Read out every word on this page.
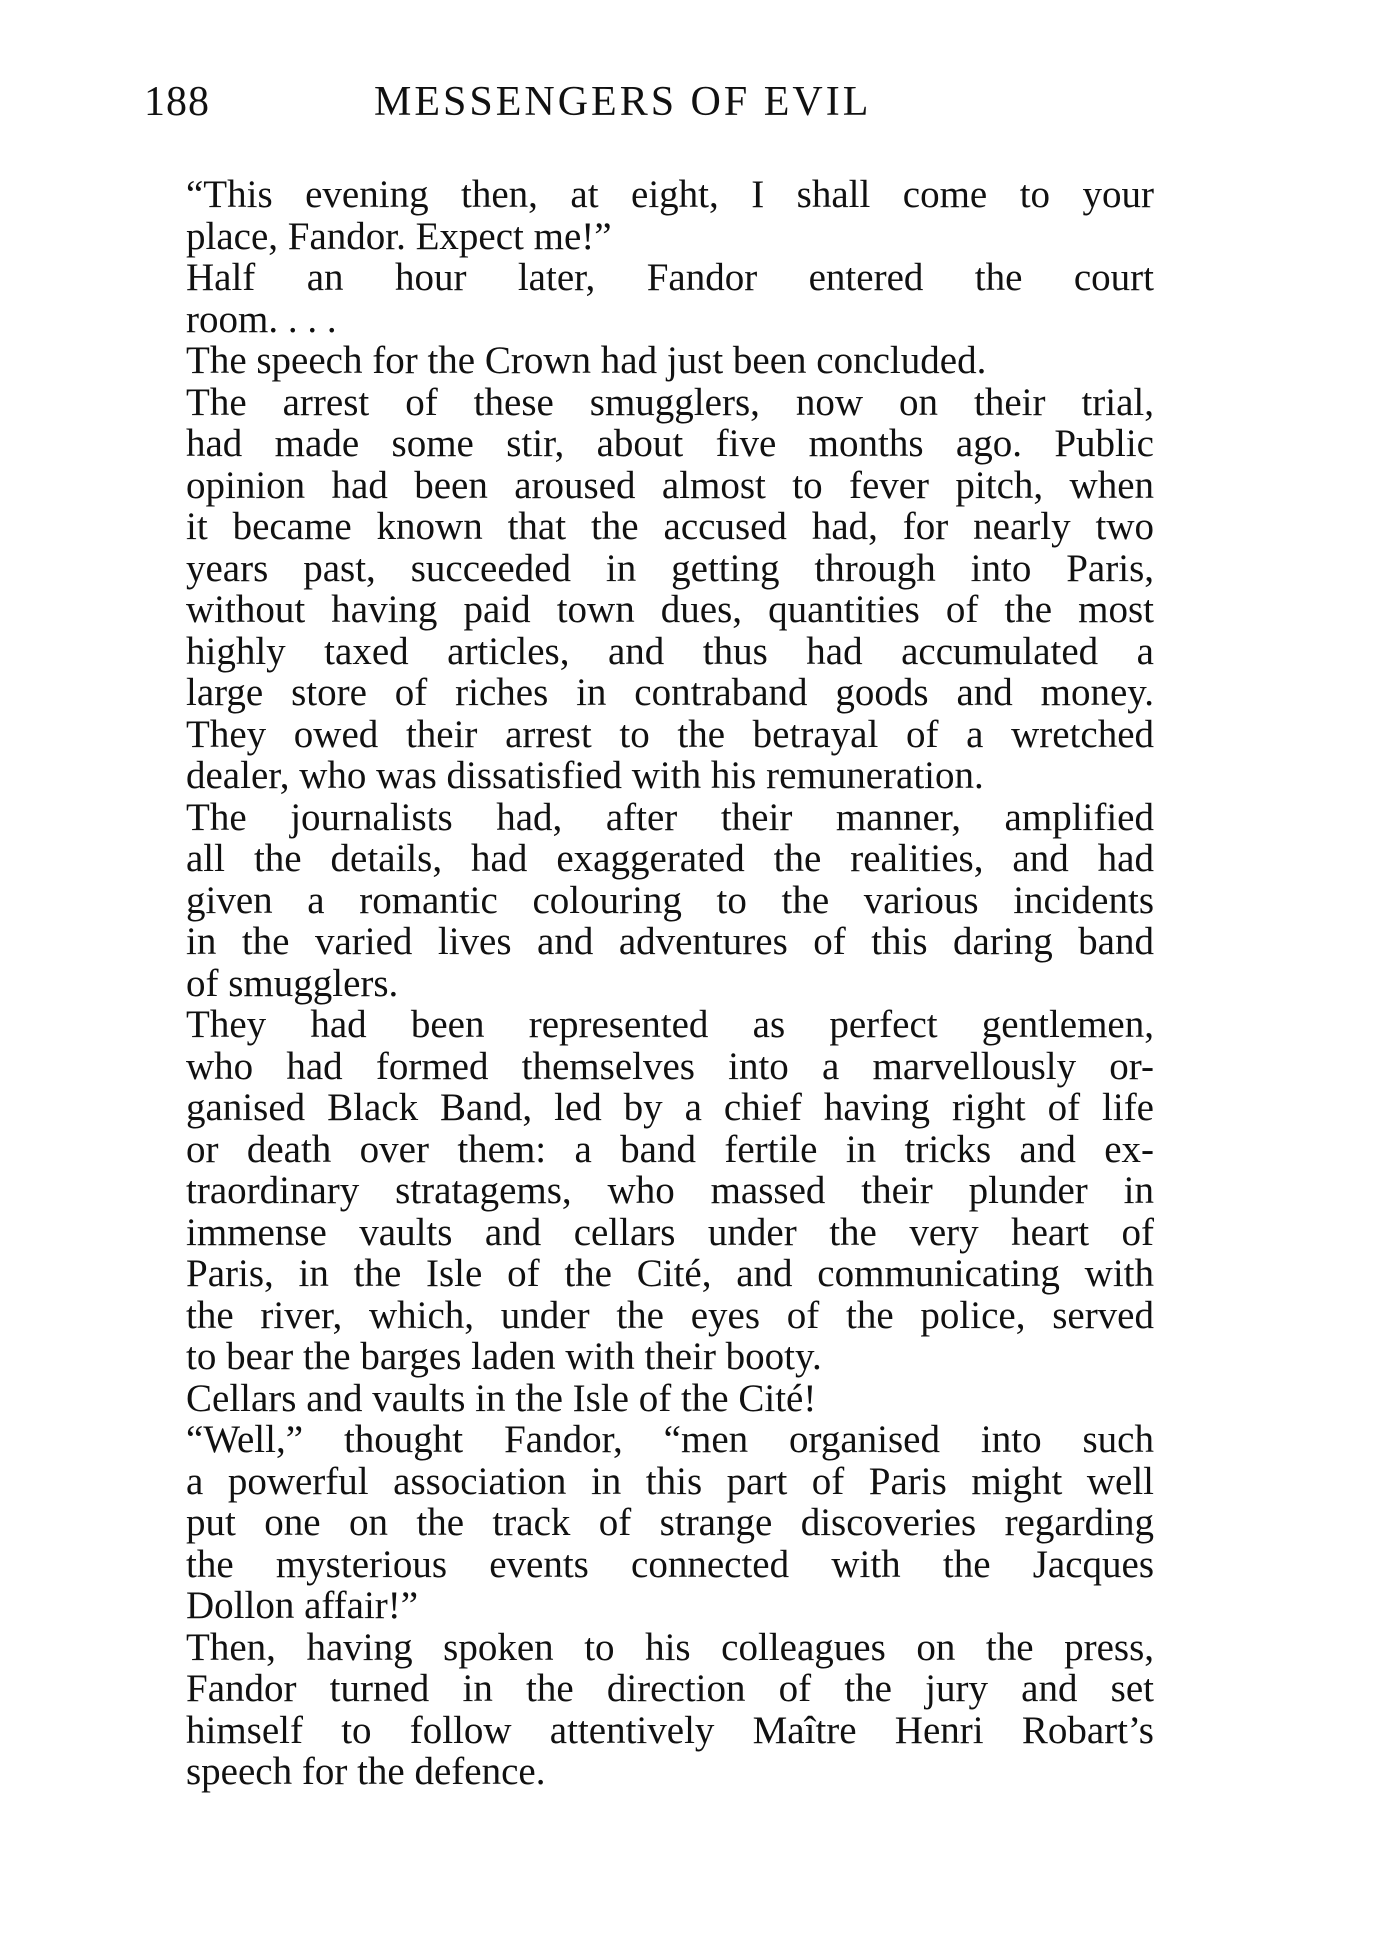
188	MESSENGERS OF EVIL

“This evening then, at eight, I shall come to your
place, Fandor. Expect me!”

Half an hour later, Fandor entered the court
room. . . .

The speech for the Crown had just been concluded.

The arrest of these smugglers, now on their trial,
had made some stir, about five months ago. Public
opinion had been aroused almost to fever pitch, when
it became known that the accused had, for nearly two
years past, succeeded in getting through into Paris,
without having paid town dues, quantities of the most
highly taxed articles, and thus had accumulated a
large store of riches in contraband goods and money.
They owed their arrest to the betrayal of a wretched
dealer, who was dissatisfied with his remuneration.

The journalists had, after their manner, amplified
all the details, had exaggerated the realities, and had
given a romantic colouring to the various incidents
in the varied lives and adventures of this daring band
of smugglers.

They had been represented as perfect gentlemen,
who had formed themselves into a marvellously or-
ganised Black Band, led by a chief having right of life
or death over them: a band fertile in tricks and ex-
traordinary stratagems, who massed their plunder in
immense vaults and cellars under the very heart of
Paris, in the Isle of the Cité, and communicating with
the river, which, under the eyes of the police, served
to bear the barges laden with their booty.

Cellars and vaults in the Isle of the Cité!

“Well,” thought Fandor, “men organised into such
a powerful association in this part of Paris might well
put one on the track of strange discoveries regarding
the mysterious events connected with the Jacques
Dollon affair!”

Then, having spoken to his colleagues on the press,
Fandor turned in the direction of the jury and set
himself to follow attentively Maître Henri Robart’s
speech for the defence.
